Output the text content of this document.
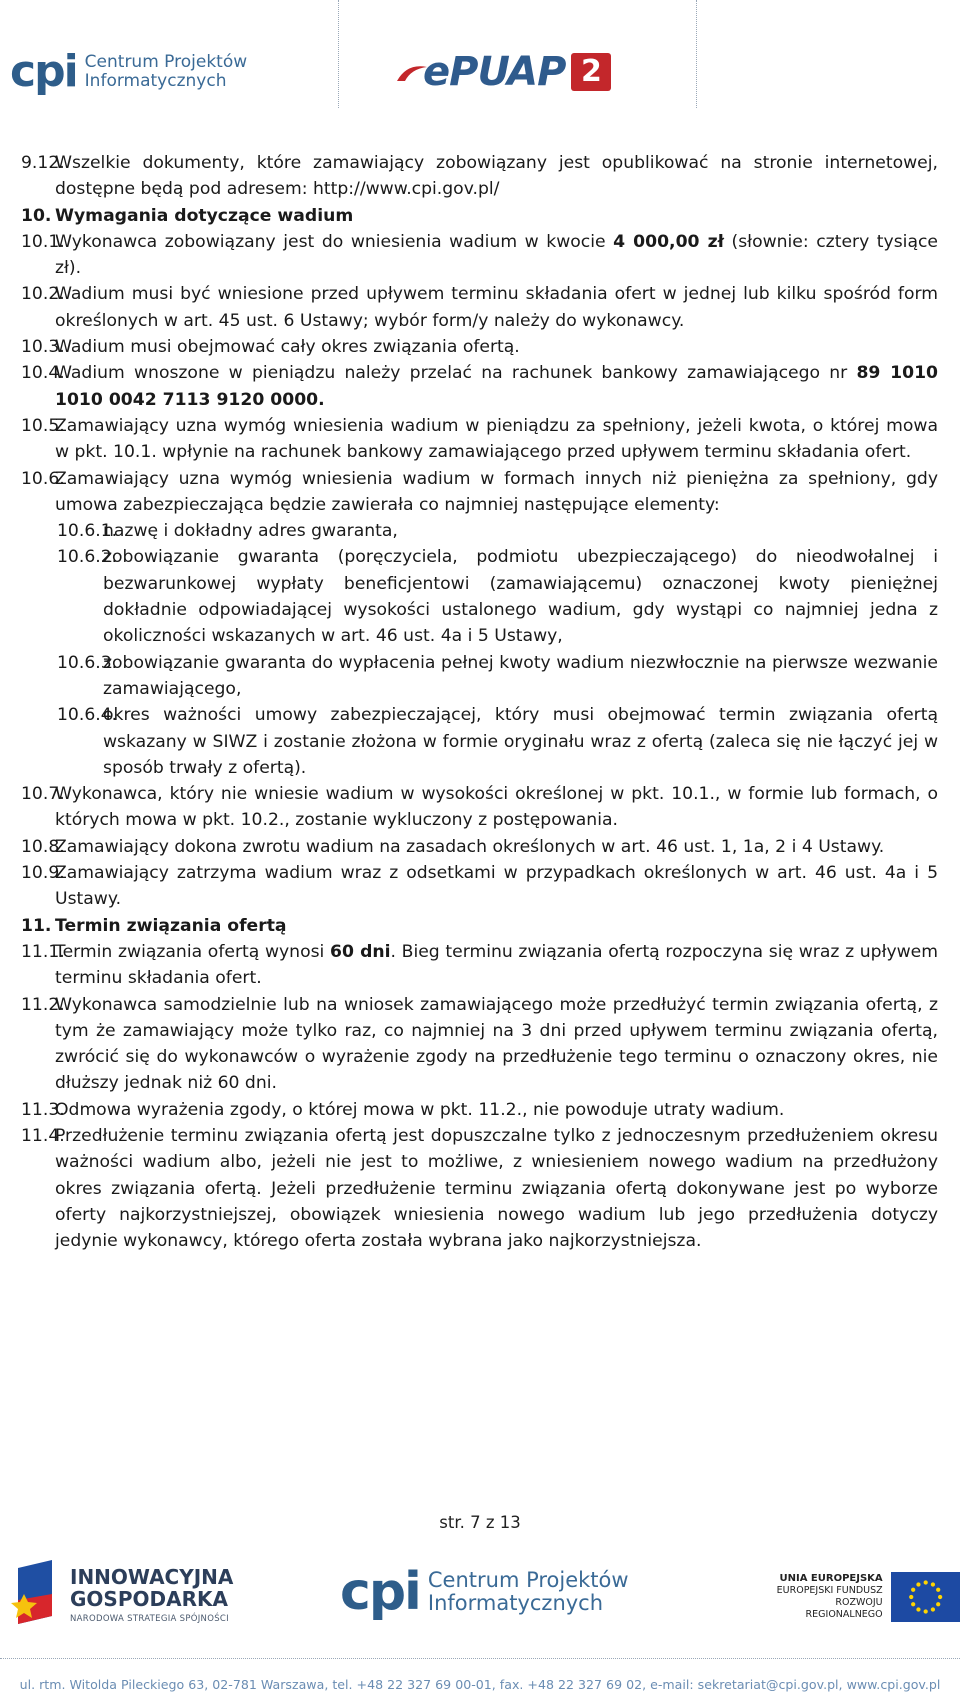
cpi Centrum Projektów
Informatycznych	ePUAP 2
9.12.
Wszelkie dokumenty, które zamawiający zobowiązany jest opublikować na stronie internetowej, dostępne będą pod adresem: http://www.cpi.gov.pl/
10. Wymagania dotyczące wadium
10.1.
Wykonawca zobowiązany jest do wniesienia wadium w kwocie 4 000,00 zł (słownie: cztery tysiące zł).
10.2.
Wadium musi być wniesione przed upływem terminu składania ofert w jednej lub kilku spośród form określonych w art. 45 ust. 6 Ustawy; wybór form/y należy do wykonawcy.
10.3.
Wadium musi obejmować cały okres związania ofertą.
10.4.
Wadium wnoszone w pieniądzu należy przelać na rachunek bankowy zamawiającego nr 89 1010 1010 0042 7113 9120 0000.
10.5.
Zamawiający uzna wymóg wniesienia wadium w pieniądzu za spełniony, jeżeli kwota, o której mowa w pkt. 10.1. wpłynie na rachunek bankowy zamawiającego przed upływem terminu składania ofert.
10.6.
Zamawiający uzna wymóg wniesienia wadium w formach innych niż pieniężna za spełniony, gdy umowa zabezpieczająca będzie zawierała co najmniej następujące elementy:
10.6.1.
nazwę i dokładny adres gwaranta,
10.6.2.
zobowiązanie gwaranta (poręczyciela, podmiotu ubezpieczającego) do nieodwołalnej i bezwarunkowej wypłaty beneficjentowi (zamawiającemu) oznaczonej kwoty pieniężnej dokładnie odpowiadającej wysokości ustalonego wadium, gdy wystąpi co najmniej jedna z okoliczności wskazanych w art. 46 ust. 4a i 5 Ustawy,
10.6.3.
zobowiązanie gwaranta do wypłacenia pełnej kwoty wadium niezwłocznie na pierwsze wezwanie zamawiającego,
10.6.4.
okres ważności umowy zabezpieczającej, który musi obejmować termin związania ofertą wskazany w SIWZ i zostanie złożona w formie oryginału wraz z ofertą (zaleca się nie łączyć jej w sposób trwały z ofertą).
10.7.
Wykonawca, który nie wniesie wadium w wysokości określonej w pkt. 10.1., w formie lub formach, o których mowa w pkt. 10.2., zostanie wykluczony z postępowania.
10.8.
Zamawiający dokona zwrotu wadium na zasadach określonych w art. 46 ust. 1, 1a, 2 i 4 Ustawy.
10.9.
Zamawiający zatrzyma wadium wraz z odsetkami w przypadkach określonych w art. 46 ust. 4a i 5 Ustawy.
11. Termin związania ofertą
11.1.
Termin związania ofertą wynosi 60 dni. Bieg terminu związania ofertą rozpoczyna się wraz z upływem terminu składania ofert.
11.2.
Wykonawca samodzielnie lub na wniosek zamawiającego może przedłużyć termin związania ofertą, z tym że zamawiający może tylko raz, co najmniej na 3 dni przed upływem terminu związania ofertą, zwrócić się do wykonawców o wyrażenie zgody na przedłużenie tego terminu o oznaczony okres, nie dłuższy jednak niż 60 dni.
11.3.
Odmowa wyrażenia zgody, o której mowa w pkt. 11.2., nie powoduje utraty wadium.
11.4.
Przedłużenie terminu związania ofertą jest dopuszczalne tylko z jednoczesnym przedłużeniem okresu ważności wadium albo, jeżeli nie jest to możliwe, z wniesieniem nowego wadium na przedłużony okres związania ofertą. Jeżeli przedłużenie terminu związania ofertą dokonywane jest po wyborze oferty najkorzystniejszej, obowiązek wniesienia nowego wadium lub jego przedłużenia dotyczy jedynie wykonawcy, którego oferta została wybrana jako najkorzystniejsza.
str. 7 z 13
INNOWACYJNA
GOSPODARKA
NARODOWA STRATEGIA SPÓJNOŚCI cpi Centrum Projektów
Informatycznych
UNIA EUROPEJSKA
EUROPEJSKI FUNDUSZ
ROZWOJU REGIONALNEGO
ul. rtm. Witolda Pileckiego 63, 02-781 Warszawa, tel. +48 22 327 69 00-01, fax. +48 22 327 69 02, e-mail: sekretariat@cpi.gov.pl, www.cpi.gov.pl
